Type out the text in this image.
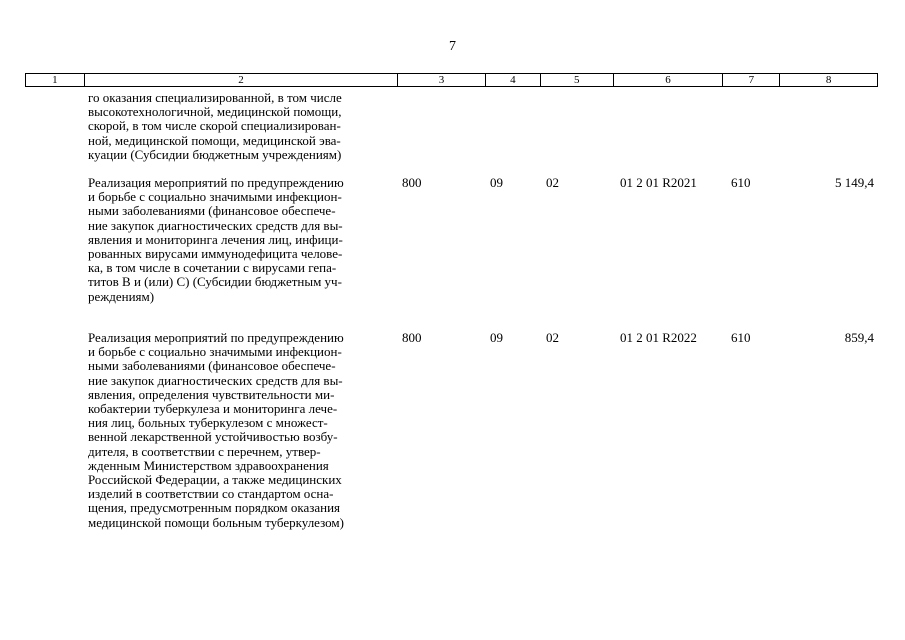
7
1	2	3	4	5	6	7	8
го оказания специализированной, в том числе
высокотехнологичной, медицинской помощи,
скорой, в том числе скорой специализирован-
ной, медицинской помощи, медицинской эва-
куации (Субсидии бюджетным учреждениям)
Реализация мероприятий по предупреждению
и борьбе с социально значимыми инфекцион-
ными заболеваниями (финансовое обеспече-
ние закупок диагностических средств для вы-
явления и мониторинга лечения лиц, инфици-
рованных вирусами иммунодефицита челове-
ка, в том числе в сочетании с вирусами гепа-
титов B и (или) C) (Субсидии бюджетным уч-
реждениям)
800	09	02	01 2 01 R2021	610	5 149,4
Реализация мероприятий по предупреждению
и борьбе с социально значимыми инфекцион-
ными заболеваниями (финансовое обеспече-
ние закупок диагностических средств для вы-
явления, определения чувствительности ми-
кобактерии туберкулеза и мониторинга лече-
ния лиц, больных туберкулезом с множест-
венной лекарственной устойчивостью возбу-
дителя, в соответствии с перечнем, утвер-
жденным Министерством здравоохранения
Российской Федерации, а также медицинских
изделий в соответствии со стандартом осна-
щения, предусмотренным порядком оказания
медицинской помощи больным туберкулезом)
800	09	02	01 2 01 R2022	610	859,4
